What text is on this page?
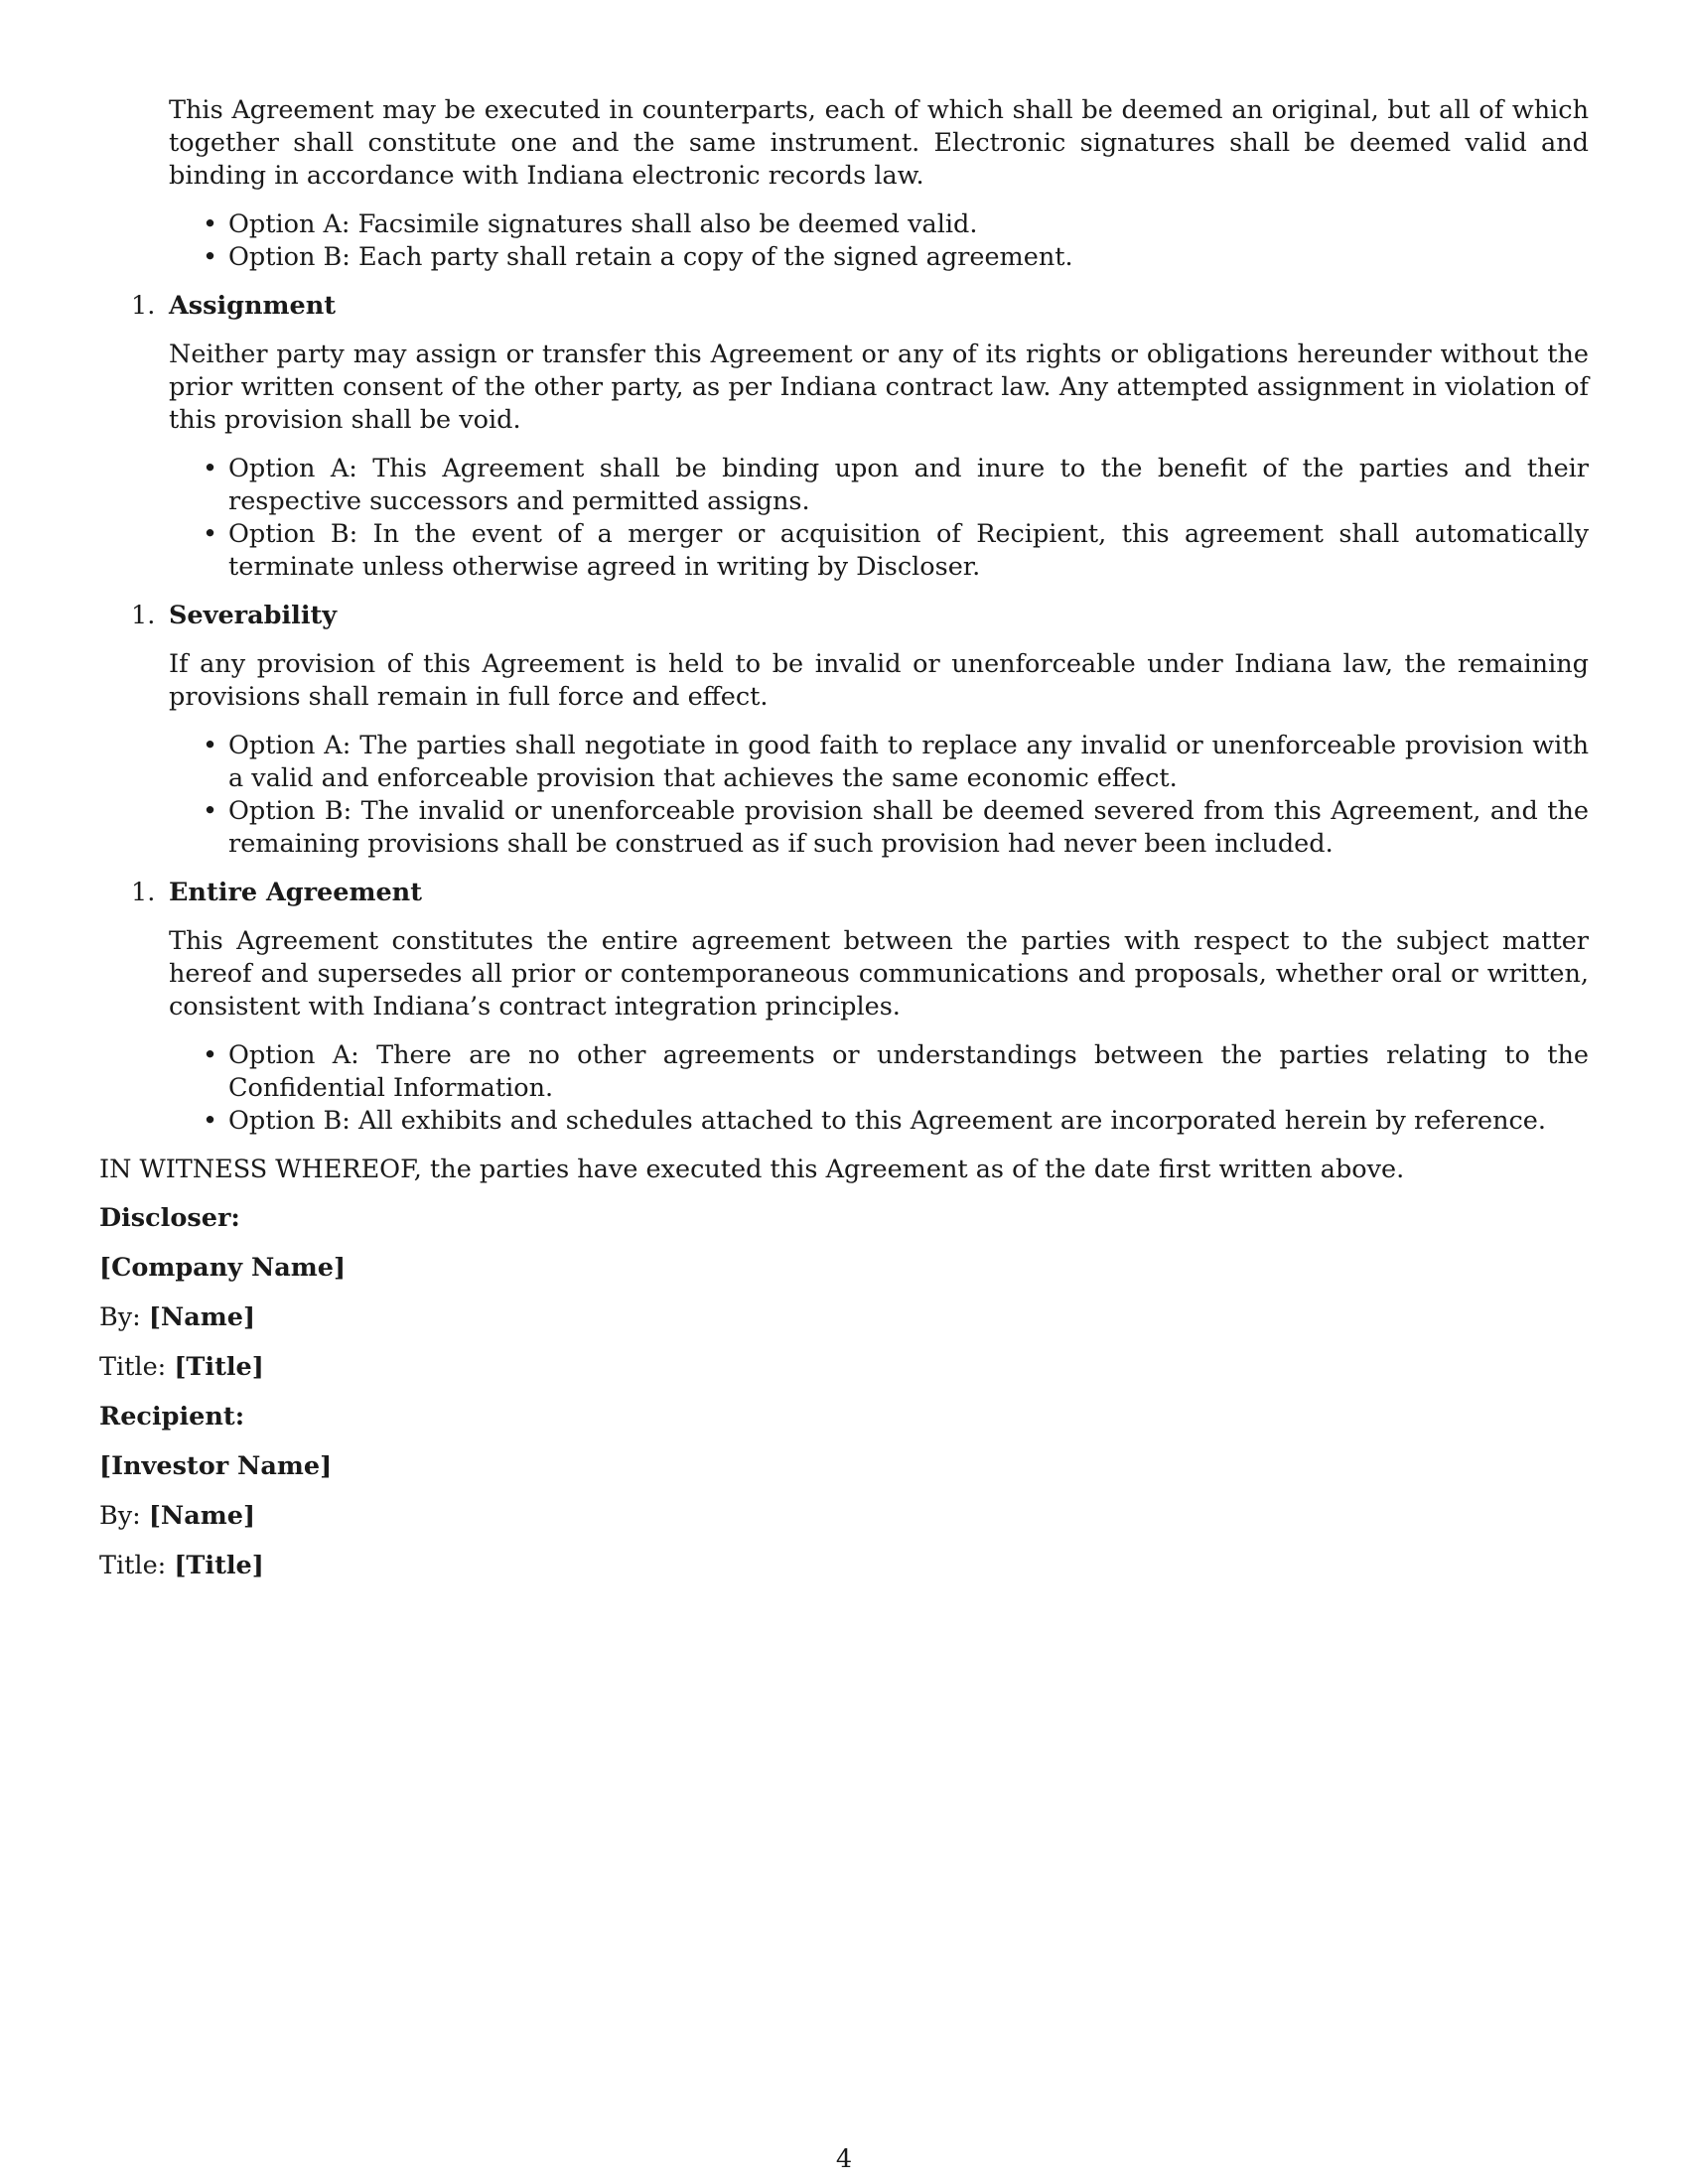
This Agreement may be executed in counterparts, each of which shall be deemed an original, but all of which together shall constitute one and the same instrument. Electronic signatures shall be deemed valid and binding in accordance with Indiana electronic records law.

• Option A: Facsimile signatures shall also be deemed valid.
• Option B: Each party shall retain a copy of the signed agreement.
1. Assignment

Neither party may assign or transfer this Agreement or any of its rights or obligations hereunder without the prior written consent of the other party, as per Indiana contract law. Any attempted assignment in violation of this provision shall be void.

• Option A: This Agreement shall be binding upon and inure to the benefit of the parties and their respective successors and permitted assigns.
• Option B: In the event of a merger or acquisition of Recipient, this agreement shall automatically terminate unless otherwise agreed in writing by Discloser.
1. Severability

If any provision of this Agreement is held to be invalid or unenforceable under Indiana law, the remaining provisions shall remain in full force and effect.

• Option A: The parties shall negotiate in good faith to replace any invalid or unenforceable provision with a valid and enforceable provision that achieves the same economic effect.
• Option B: The invalid or unenforceable provision shall be deemed severed from this Agreement, and the remaining provisions shall be construed as if such provision had never been included.
1. Entire Agreement

This Agreement constitutes the entire agreement between the parties with respect to the subject matter hereof and supersedes all prior or contemporaneous communications and proposals, whether oral or written, consistent with Indiana’s contract integration principles.

• Option A: There are no other agreements or understandings between the parties relating to the Confidential Information.
• Option B: All exhibits and schedules attached to this Agreement are incorporated herein by reference.

IN WITNESS WHEREOF, the parties have executed this Agreement as of the date first written above.

Discloser:
[Company Name]
By: [Name]
Title: [Title]
Recipient:
[Investor Name]
By: [Name]
Title: [Title]
4
